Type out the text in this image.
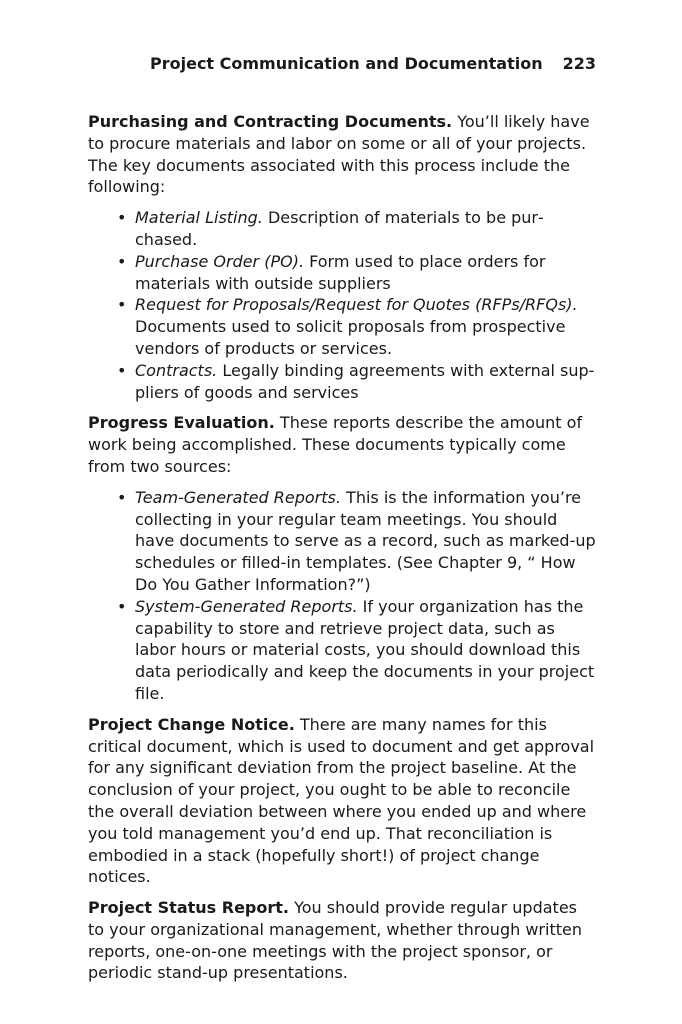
Project Communication and Documentation 223

Purchasing and Contracting Documents. You’ll likely have to procure materials and labor on some or all of your projects. The key documents associated with this process include the following:

• Material Listing. Description of materials to be purchased.
• Purchase Order (PO). Form used to place orders for materials with outside suppliers
• Request for Proposals/Request for Quotes (RFPs/RFQs). Documents used to solicit proposals from prospective vendors of products or services.
• Contracts. Legally binding agreements with external suppliers of goods and services

Progress Evaluation. These reports describe the amount of work being accomplished. These documents typically come from two sources:

• Team-Generated Reports. This is the information you’re collecting in your regular team meetings. You should have documents to serve as a record, such as marked-up schedules or filled-in templates. (See Chapter 9, “ How Do You Gather Information?”)
• System-Generated Reports. If your organization has the capability to store and retrieve project data, such as labor hours or material costs, you should download this data periodically and keep the documents in your project file.

Project Change Notice. There are many names for this critical document, which is used to document and get approval for any significant deviation from the project baseline. At the conclusion of your project, you ought to be able to reconcile the overall deviation between where you ended up and where you told management you’d end up. That reconciliation is embodied in a stack (hopefully short!) of project change notices.

Project Status Report. You should provide regular updates to your organizational management, whether through written reports, one-on-one meetings with the project sponsor, or periodic stand-up presentations.
